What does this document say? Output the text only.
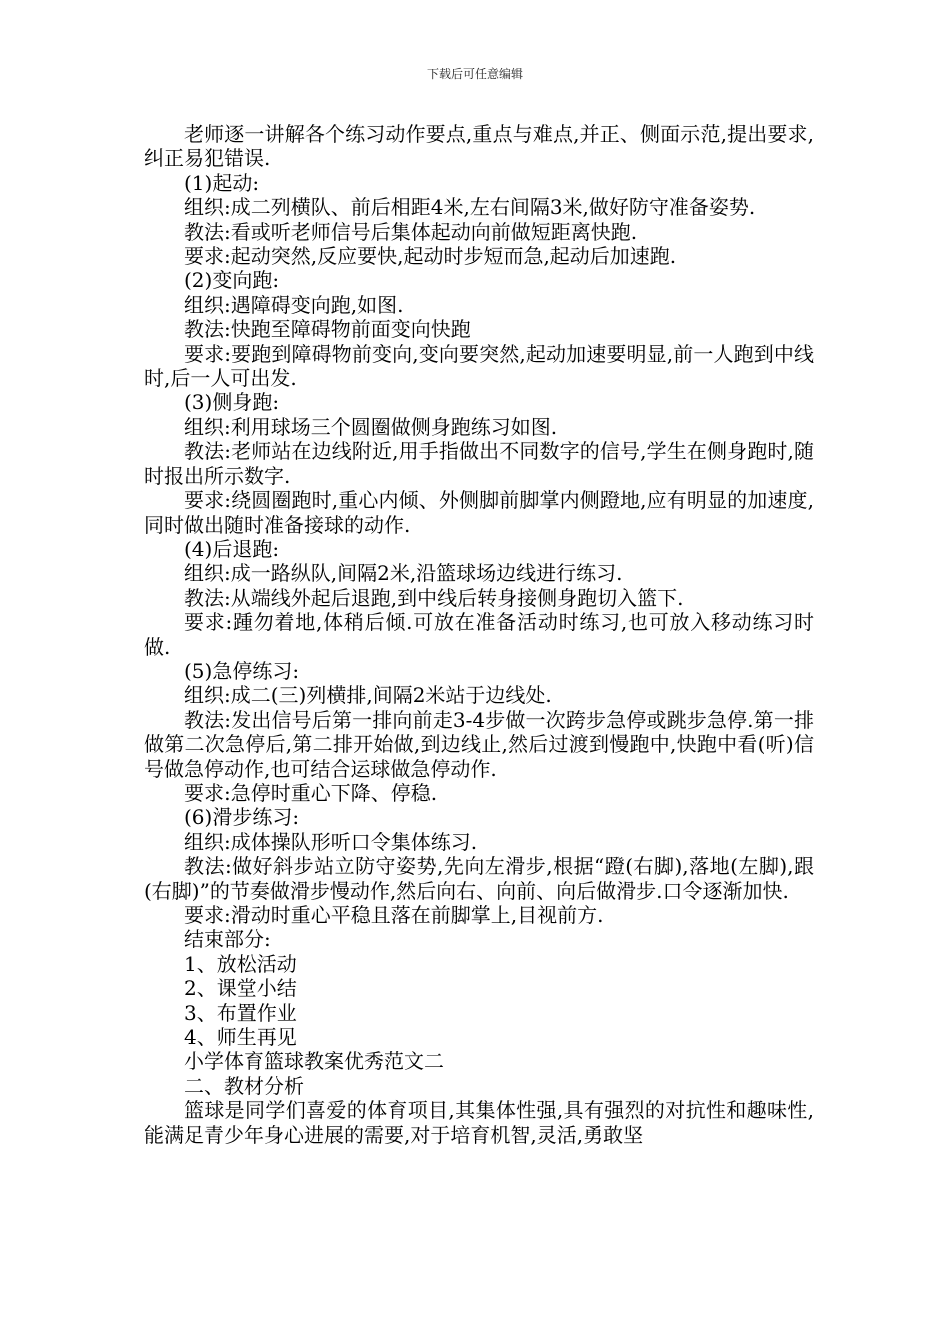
下载后可任意编辑

老师逐一讲解各个练习动作要点,重点与难点,并正、侧面示范,提出要求,纠正易犯错误.

(1)起动:

组织:成二列横队、前后相距4米,左右间隔3米,做好防守准备姿势.

教法:看或听老师信号后集体起动向前做短距离快跑.

要求:起动突然,反应要快,起动时步短而急,起动后加速跑.

(2)变向跑:

组织:遇障碍变向跑,如图.

教法:快跑至障碍物前面变向快跑

要求:要跑到障碍物前变向,变向要突然,起动加速要明显,前一人跑到中线时,后一人可出发.

(3)侧身跑:

组织:利用球场三个圆圈做侧身跑练习如图.

教法:老师站在边线附近,用手指做出不同数字的信号,学生在侧身跑时,随时报出所示数字.

要求:绕圆圈跑时,重心内倾、外侧脚前脚掌内侧蹬地,应有明显的加速度,同时做出随时准备接球的动作.

(4)后退跑:

组织:成一路纵队,间隔2米,沿篮球场边线进行练习.

教法:从端线外起后退跑,到中线后转身接侧身跑切入篮下.

要求:踵勿着地,体稍后倾.可放在准备活动时练习,也可放入移动练习时做.

(5)急停练习:

组织:成二(三)列横排,间隔2米站于边线处.

教法:发出信号后第一排向前走3-4步做一次跨步急停或跳步急停.第一排做第二次急停后,第二排开始做,到边线止,然后过渡到慢跑中,快跑中看(听)信号做急停动作,也可结合运球做急停动作.

要求:急停时重心下降、停稳.

(6)滑步练习:

组织:成体操队形听口令集体练习.

教法:做好斜步站立防守姿势,先向左滑步,根据“蹬(右脚),落地(左脚),跟(右脚)”的节奏做滑步慢动作,然后向右、向前、向后做滑步.口令逐渐加快.

要求:滑动时重心平稳且落在前脚掌上,目视前方.

结束部分:

1、放松活动

2、课堂小结

3、布置作业

4、师生再见

小学体育篮球教案优秀范文二

二、教材分析

篮球是同学们喜爱的体育项目,其集体性强,具有强烈的对抗性和趣味性,能满足青少年身心进展的需要,对于培育机智,灵活,勇敢坚
